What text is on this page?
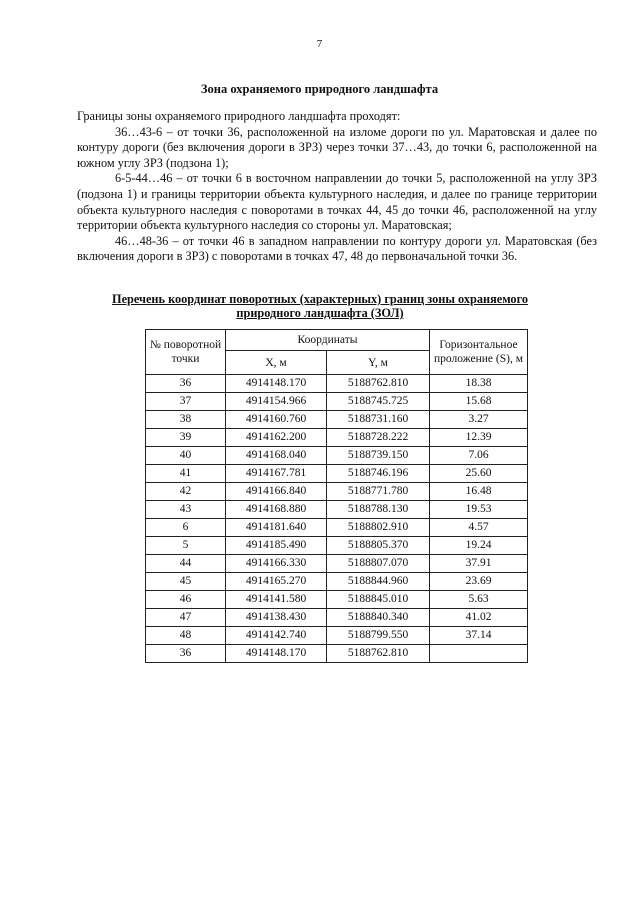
7
Зона охраняемого природного ландшафта

Границы зоны охраняемого природного ландшафта проходят:

36…43-6 – от точки 36, расположенной на изломе дороги по ул. Маратовская и далее по контуру дороги (без включения дороги в ЗРЗ) через точки 37…43, до точки 6, расположенной на южном углу ЗРЗ (подзона 1);

6-5-44…46 – от точки 6 в восточном направлении до точки 5, расположенной на углу ЗРЗ (подзона 1) и границы территории объекта культурного наследия, и далее по границе территории объекта культурного наследия с поворотами в точках 44, 45 до точки 46, расположенной на углу территории объекта культурного наследия со стороны ул. Маратовская;

46…48-36 – от точки 46 в западном направлении по контуру дороги ул. Маратовская (без включения дороги в ЗРЗ) с поворотами в точках 47, 48 до первоначальной точки 36.

Перечень координат поворотных (характерных) границ зоны охраняемого
природного ландшафта (ЗОЛ)
№ поворотной точки	Координаты		Горизонтальное проложение (S), м
	X, м	Y, м	
36	4914148.170	5188762.810	18.38
37	4914154.966	5188745.725	15.68
38	4914160.760	5188731.160	3.27
39	4914162.200	5188728.222	12.39
40	4914168.040	5188739.150	7.06
41	4914167.781	5188746.196	25.60
42	4914166.840	5188771.780	16.48
43	4914168.880	5188788.130	19.53
6	4914181.640	5188802.910	4.57
5	4914185.490	5188805.370	19.24
44	4914166.330	5188807.070	37.91
45	4914165.270	5188844.960	23.69
46	4914141.580	5188845.010	5.63
47	4914138.430	5188840.340	41.02
48	4914142.740	5188799.550	37.14
36	4914148.170	5188762.810	
